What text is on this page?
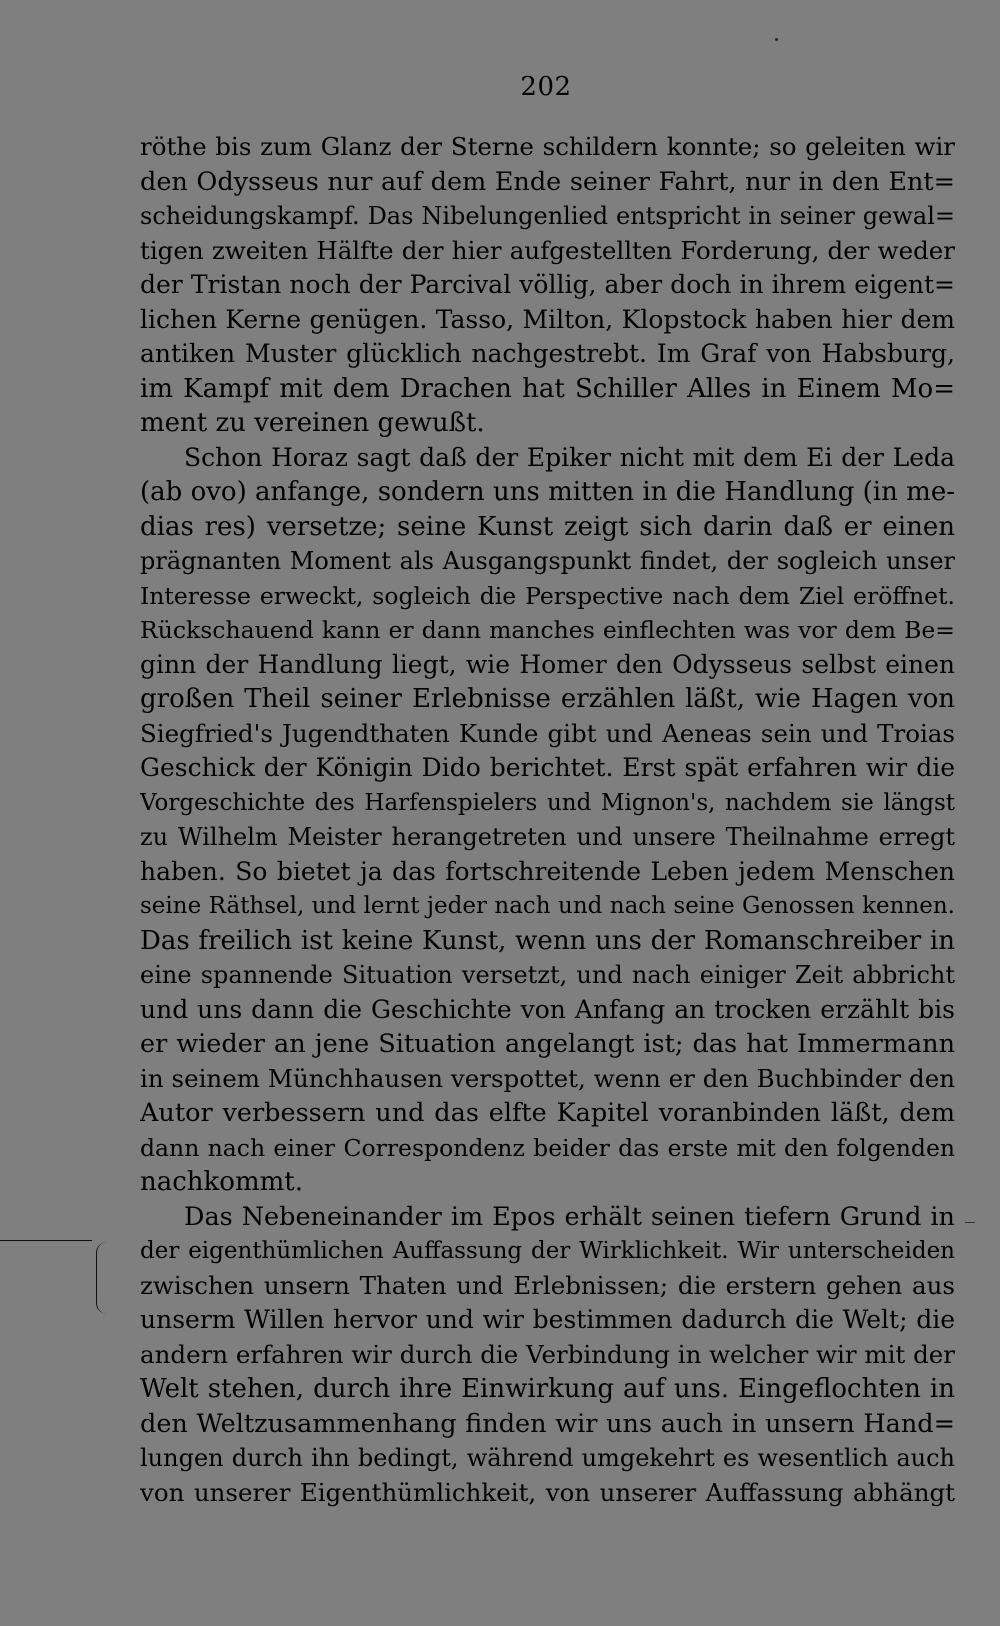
202
röthe bis zum Glanz der Sterne schildern konnte; so geleiten wir
den Odysseus nur auf dem Ende seiner Fahrt, nur in den Ent=
scheidungskampf. Das Nibelungenlied entspricht in seiner gewal=
tigen zweiten Hälfte der hier aufgestellten Forderung, der weder
der Tristan noch der Parcival völlig, aber doch in ihrem eigent=
lichen Kerne genügen. Tasso, Milton, Klopstock haben hier dem
antiken Muster glücklich nachgestrebt. Im Graf von Habsburg,
im Kampf mit dem Drachen hat Schiller Alles in Einem Mo=
ment zu vereinen gewußt.
Schon Horaz sagt daß der Epiker nicht mit dem Ei der Leda
(ab ovo) anfange, sondern uns mitten in die Handlung (in me-
dias res) versetze; seine Kunst zeigt sich darin daß er einen
prägnanten Moment als Ausgangspunkt findet, der sogleich unser
Interesse erweckt, sogleich die Perspective nach dem Ziel eröffnet.
Rückschauend kann er dann manches einflechten was vor dem Be=
ginn der Handlung liegt, wie Homer den Odysseus selbst einen
großen Theil seiner Erlebnisse erzählen läßt, wie Hagen von
Siegfried's Jugendthaten Kunde gibt und Aeneas sein und Troias
Geschick der Königin Dido berichtet. Erst spät erfahren wir die
Vorgeschichte des Harfenspielers und Mignon's, nachdem sie längst
zu Wilhelm Meister herangetreten und unsere Theilnahme erregt
haben. So bietet ja das fortschreitende Leben jedem Menschen
seine Räthsel, und lernt jeder nach und nach seine Genossen kennen.
Das freilich ist keine Kunst, wenn uns der Romanschreiber in
eine spannende Situation versetzt, und nach einiger Zeit abbricht
und uns dann die Geschichte von Anfang an trocken erzählt bis
er wieder an jene Situation angelangt ist; das hat Immermann
in seinem Münchhausen verspottet, wenn er den Buchbinder den
Autor verbessern und das elfte Kapitel voranbinden läßt, dem
dann nach einer Correspondenz beider das erste mit den folgenden
nachkommt.
Das Nebeneinander im Epos erhält seinen tiefern Grund in
der eigenthümlichen Auffassung der Wirklichkeit. Wir unterscheiden
zwischen unsern Thaten und Erlebnissen; die erstern gehen aus
unserm Willen hervor und wir bestimmen dadurch die Welt; die
andern erfahren wir durch die Verbindung in welcher wir mit der
Welt stehen, durch ihre Einwirkung auf uns. Eingeflochten in
den Weltzusammenhang finden wir uns auch in unsern Hand=
lungen durch ihn bedingt, während umgekehrt es wesentlich auch
von unserer Eigenthümlichkeit, von unserer Auffassung abhängt
